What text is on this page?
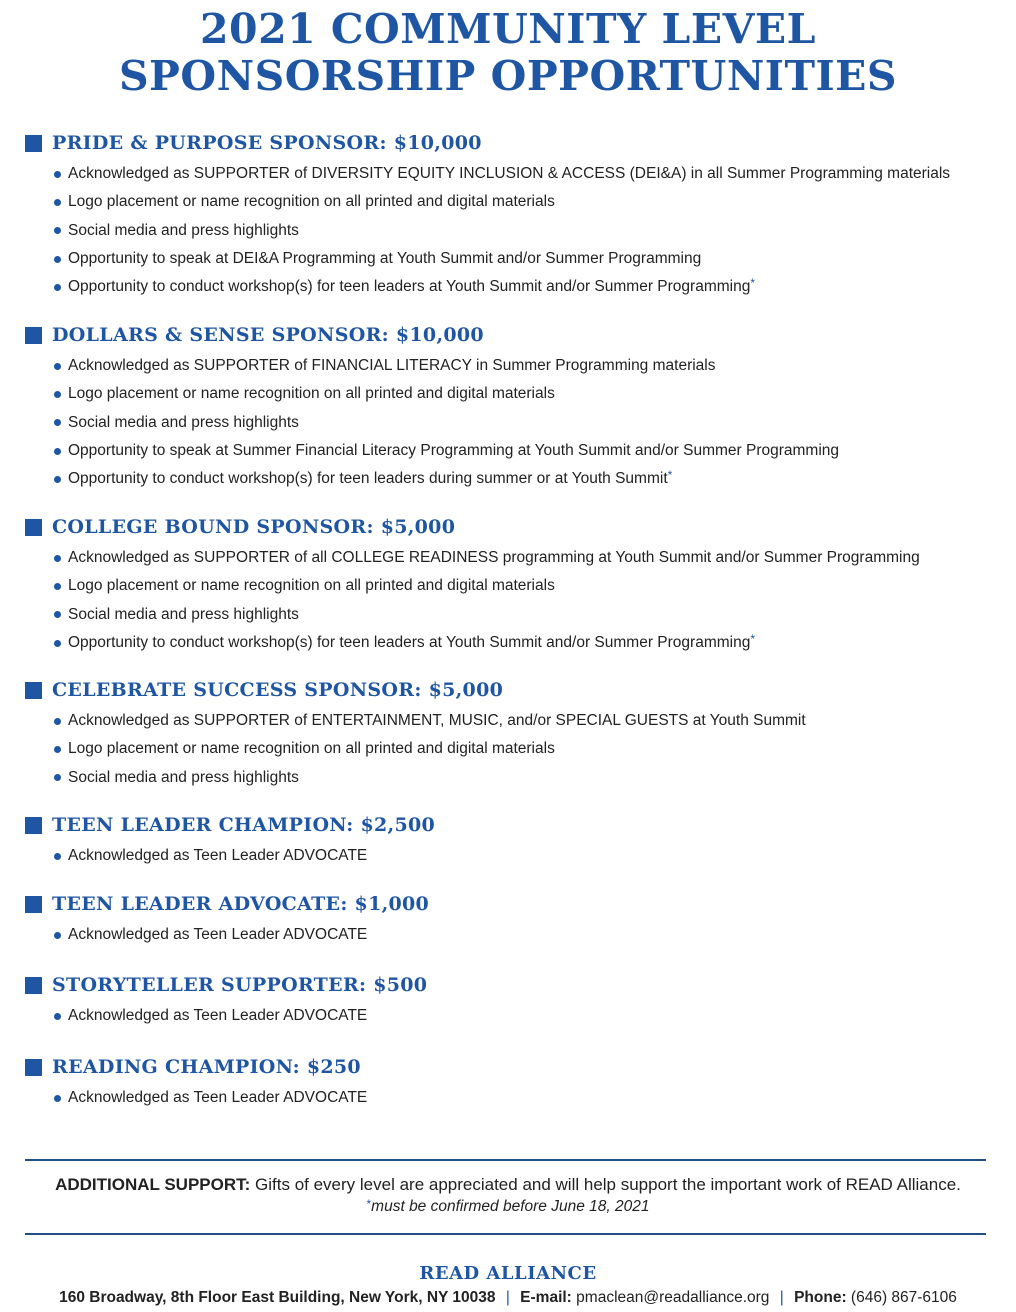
2021 COMMUNITY LEVEL
SPONSORSHIP OPPORTUNITIES
PRIDE & PURPOSE SPONSOR: $10,000
Acknowledged as SUPPORTER of DIVERSITY EQUITY INCLUSION & ACCESS (DEI&A) in all Summer Programming materials
Logo placement or name recognition on all printed and digital materials
Social media and press highlights
Opportunity to speak at DEI&A Programming at Youth Summit and/or Summer Programming
Opportunity to conduct workshop(s) for teen leaders at Youth Summit and/or Summer Programming *
DOLLARS & SENSE SPONSOR: $10,000
Acknowledged as SUPPORTER of FINANCIAL LITERACY in Summer Programming materials
Logo placement or name recognition on all printed and digital materials
Social media and press highlights
Opportunity to speak at Summer Financial Literacy Programming at Youth Summit and/or Summer Programming
Opportunity to conduct workshop(s) for teen leaders during summer or at Youth Summit *
COLLEGE BOUND SPONSOR: $5,000
Acknowledged as SUPPORTER of all COLLEGE READINESS programming at Youth Summit and/or Summer Programming
Logo placement or name recognition on all printed and digital materials
Social media and press highlights
Opportunity to conduct workshop(s) for teen leaders at Youth Summit and/or Summer Programming *
CELEBRATE SUCCESS SPONSOR: $5,000
Acknowledged as SUPPORTER of ENTERTAINMENT, MUSIC, and/or SPECIAL GUESTS at Youth Summit
Logo placement or name recognition on all printed and digital materials
Social media and press highlights
TEEN LEADER CHAMPION: $2,500
Acknowledged as Teen Leader ADVOCATE
TEEN LEADER ADVOCATE: $1,000
Acknowledged as Teen Leader ADVOCATE
STORYTELLER SUPPORTER: $500
Acknowledged as Teen Leader ADVOCATE
READING CHAMPION: $250
Acknowledged as Teen Leader ADVOCATE
ADDITIONAL SUPPORT: Gifts of every level are appreciated and will help support the important work of READ Alliance.
*must be confirmed before June 18, 2021
READ ALLIANCE
160 Broadway, 8th Floor East Building, New York, NY 10038 | E-mail: pmaclean@readalliance.org | Phone: (646) 867-6106
